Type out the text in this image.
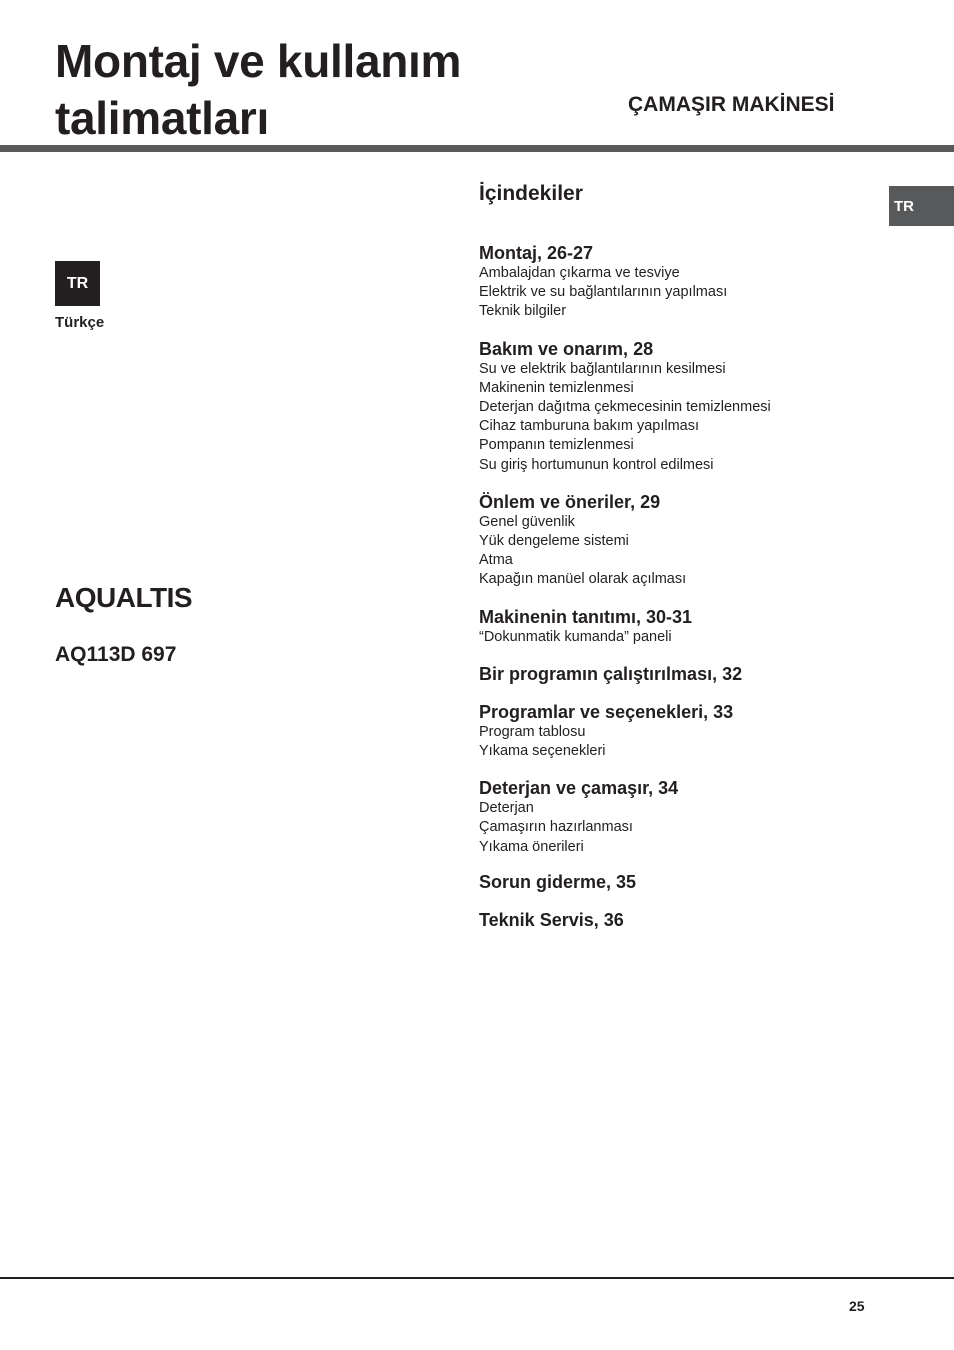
Montaj ve kullanım
talimatları	ÇAMAŞIR MAKİNESİ
TR
Türkçe
TR
AQUALTIS
AQ113D 697
İçindekiler
Montaj, 26-27
Ambalajdan çıkarma ve tesviye
Elektrik ve su bağlantılarının yapılması
Teknik bilgiler
Bakım ve onarım, 28
Su ve elektrik bağlantılarının kesilmesi
Makinenin temizlenmesi
Deterjan dağıtma çekmecesinin temizlenmesi
Cihaz tamburuna bakım yapılması
Pompanın temizlenmesi
Su giriş hortumunun kontrol edilmesi
Önlem ve öneriler, 29
Genel güvenlik
Yük dengeleme sistemi
Atma
Kapağın manüel olarak açılması
Makinenin tanıtımı, 30-31
“Dokunmatik kumanda” paneli
Bir programın çalıştırılması, 32
Programlar ve seçenekleri, 33
Program tablosu
Yıkama seçenekleri
Deterjan ve çamaşır, 34
Deterjan
Çamaşırın hazırlanması
Yıkama önerileri
Sorun giderme, 35
Teknik Servis, 36
25
